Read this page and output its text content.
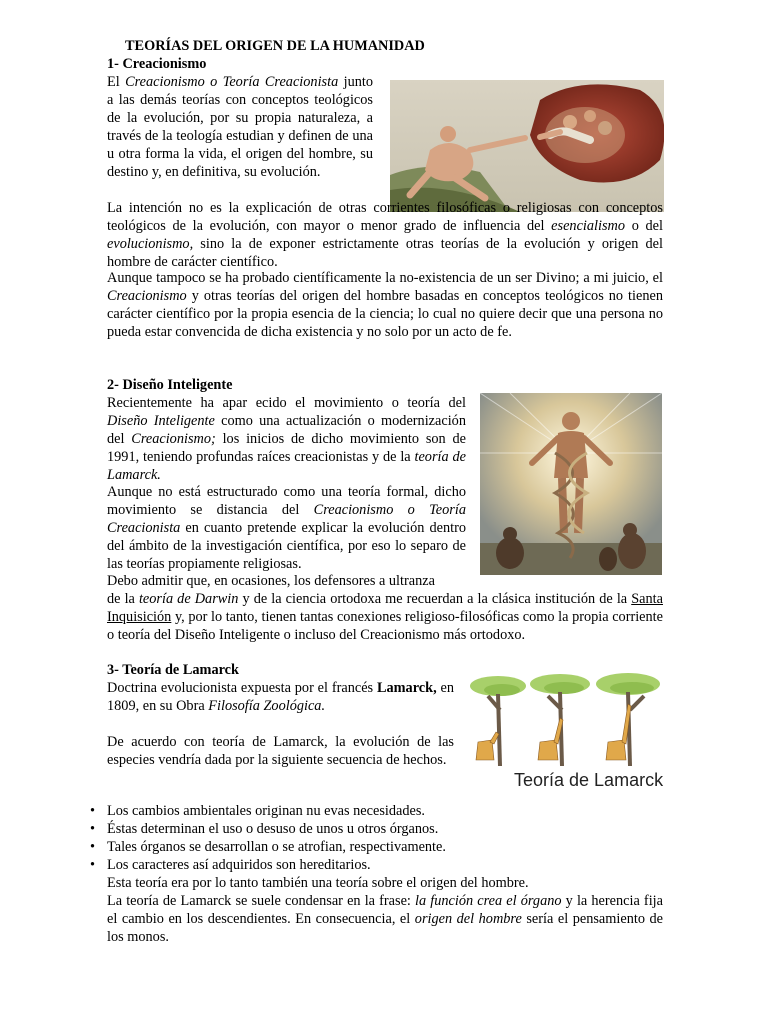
TEORÍAS DEL ORIGEN DE LA HUMANIDAD
1- Creacionismo
El Creacionismo o Teoría Creacionista junto a las demás teorías con conceptos teológicos de la evolución, por su propia naturaleza, a través de la teología estudian y definen de una u otra forma la vida, el origen del hombre, su destino y, en definitiva, su evolución.
La intención no es la explicación de otras corrientes filosóficas o religiosas con conceptos teológicos de la evolución, con mayor o menor grado de influencia del esencialismo o del evolucionismo, sino la de exponer estrictamente otras teorías de la evolución y origen del hombre de carácter científico.
Aunque tampoco se ha probado científicamente la no-existencia de un ser Divino; a mi juicio, el Creacionismo y otras teorías del origen del hombre basadas en conceptos teológicos no tienen carácter científico por la propia esencia de la ciencia; lo cual no quiere decir que una persona no pueda estar convencida de dicha existencia y no solo por un acto de fe.
2- Diseño Inteligente
Recientemente ha apar ecido el movimiento o teoría del Diseño Inteligente como una actualización o modernización del Creacionismo; los inicios de dicho movimiento son de 1991, teniendo profundas raíces creacionistas y de la teoría de Lamarck.
Aunque no está estructurado como una teoría formal, dicho movimiento se distancia del Creacionismo o Teoría Creacionista en cuanto pretende explicar la evolución dentro del ámbito de la investigación científica, por eso lo separo de las teorías propiamente religiosas.
Debo admitir que, en ocasiones, los defensores a ultranza
de la teoría de Darwin y de la ciencia ortodoxa me recuerdan a la clásica institución de la Santa Inquisición y, por lo tanto, tienen tantas conexiones religioso-filosóficas como la propia corriente o teoría del Diseño Inteligente o incluso del Creacionismo más ortodoxo.
3- Teoría de Lamarck
Teoría de Lamarck
Doctrina evolucionista expuesta por el francés Lamarck, en 1809, en su Obra Filosofía Zoológica.
De acuerdo con teoría de Lamarck, la evolución de las especies vendría dada por la siguiente secuencia de hechos.
• Los cambios ambientales originan nu evas necesidades.
• Éstas determinan el uso o desuso de unos u otros órganos.
• Tales órganos se desarrollan o se atrofian, respectivamente.
• Los caracteres así adquiridos son hereditarios.
Esta teoría era por lo tanto también una teoría sobre el origen del hombre.
La teoría de Lamarck se suele condensar en la frase: la función crea el órgano y la herencia fija el cambio en los descendientes. En consecuencia, el origen del hombre sería el pensamiento de los monos.
